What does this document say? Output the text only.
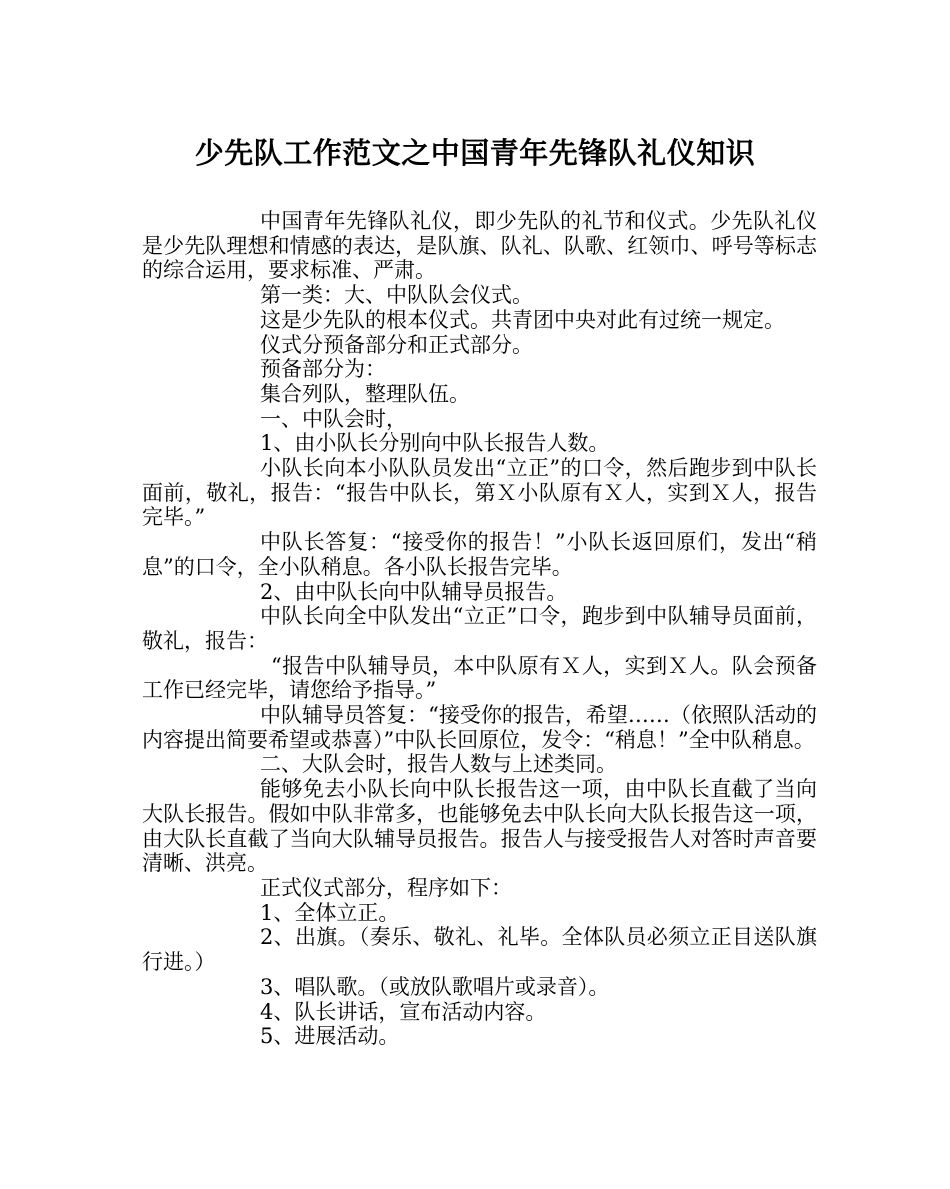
少先队工作范文之中国青年先锋队礼仪知识

中国青年先锋队礼仪，即少先队的礼节和仪式。少先队礼仪是少先队理想和情感的表达，是队旗、队礼、队歌、红领巾、呼号等标志的综合运用，要求标准、严肃。

第一类：大、中队队会仪式。

这是少先队的根本仪式。共青团中央对此有过统一规定。

仪式分预备部分和正式部分。

预备部分为：

集合列队，整理队伍。

一、中队会时，

1、由小队长分别向中队长报告人数。

小队长向本小队队员发出“立正”的口令，然后跑步到中队长面前，敬礼，报告：“报告中队长，第Ｘ小队原有Ｘ人，实到Ｘ人，报告完毕。”

中队长答复：“接受你的报告！”小队长返回原们，发出“稍息”的口令，全小队稍息。各小队长报告完毕。

2、由中队长向中队辅导员报告。

中队长向全中队发出“立正”口令，跑步到中队辅导员面前，敬礼，报告：

“报告中队辅导员，本中队原有Ｘ人，实到Ｘ人。队会预备工作已经完毕，请您给予指导。”

中队辅导员答复：“接受你的报告，希望……（依照队活动的内容提出简要希望或恭喜）”中队长回原位，发令：“稍息！”全中队稍息。

二、大队会时，报告人数与上述类同。

能够免去小队长向中队长报告这一项，由中队长直截了当向大队长报告。假如中队非常多，也能够免去中队长向大队长报告这一项，由大队长直截了当向大队辅导员报告。报告人与接受报告人对答时声音要清晰、洪亮。

正式仪式部分，程序如下：

1、全体立正。

2、出旗。（奏乐、敬礼、礼毕。全体队员必须立正目送队旗行进。）

3、唱队歌。（或放队歌唱片或录音）。

4、队长讲话，宣布活动内容。

5、进展活动。
